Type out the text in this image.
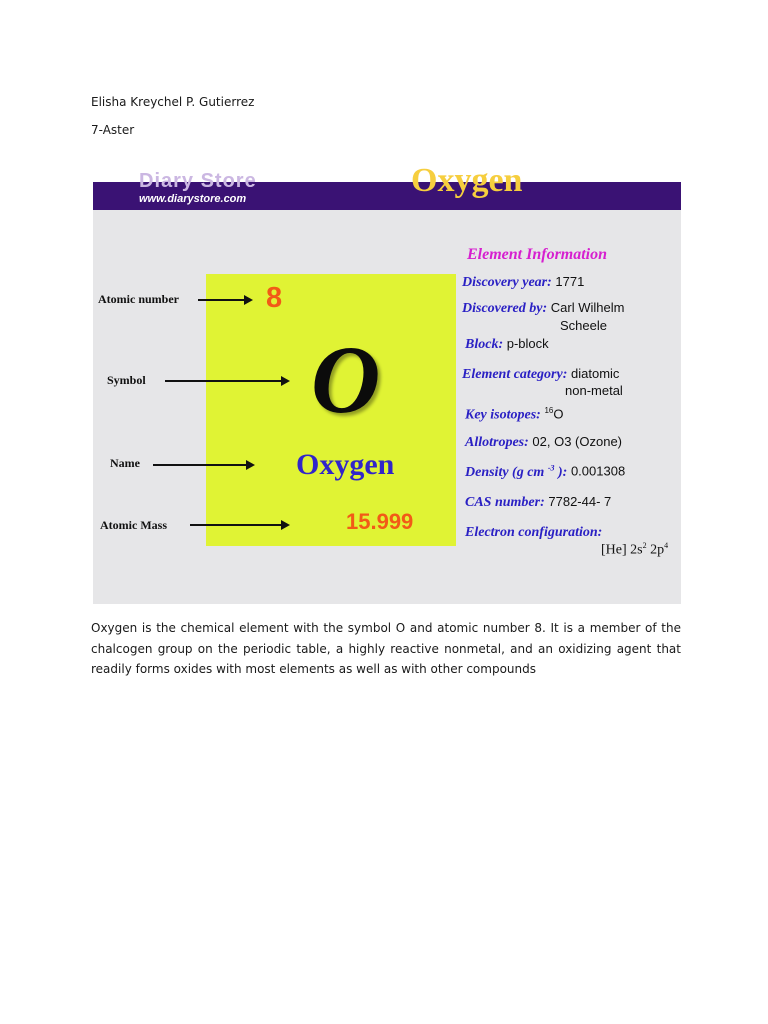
Elisha Kreychel P. Gutierrez
7-Aster
Diary Store
www.diarystore.com	Oxygen
Atomic number
Symbol
Name
Atomic Mass
8
O
Oxygen
15.999
Element Information
Discovery year: 1771
Discovered by: Carl Wilhelm
Scheele
Block: p-block
Element category: diatomic
non-metal
Key isotopes: $^{16}$O
Allotropes: 02, O3 (Ozone)
Density (g cm $^{-3}$ ): 0.001308
CAS number: 7782-44- 7
Electron configuration:
[He] $2s^2$ $2p^4$
Oxygen is the chemical element with the symbol O and atomic number 8. It is a member of the chalcogen group on the periodic table, a highly reactive nonmetal, and an oxidizing agent that readily forms oxides with most elements as well as with other compounds
